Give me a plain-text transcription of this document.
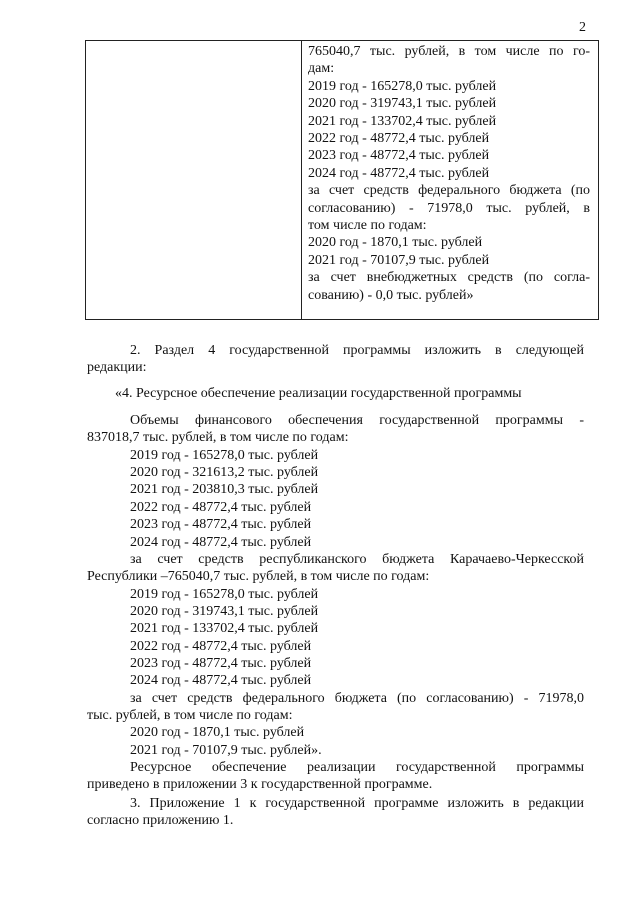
2
765040,7 тыс. рублей, в том числе по го-
дам:
2019 год - 165278,0 тыс. рублей
2020 год - 319743,1 тыс. рублей
2021 год - 133702,4 тыс. рублей
2022 год - 48772,4 тыс. рублей
2023 год - 48772,4 тыс. рублей
2024 год - 48772,4 тыс. рублей
за счет средств федерального бюджета (по
согласованию) - 71978,0 тыс. рублей, в
том числе по годам:
2020 год - 1870,1 тыс. рублей
2021 год - 70107,9 тыс. рублей
за счет внебюджетных средств (по согла-
сованию) - 0,0 тыс. рублей»
2. Раздел 4 государственной программы изложить в следующей
редакции:
«4. Ресурсное обеспечение реализации государственной программы
Объемы финансового обеспечения государственной программы -
837018,7 тыс. рублей, в том числе по годам:
2019 год - 165278,0 тыс. рублей
2020 год - 321613,2 тыс. рублей
2021 год - 203810,3 тыс. рублей
2022 год - 48772,4 тыс. рублей
2023 год - 48772,4 тыс. рублей
2024 год - 48772,4 тыс. рублей
за счет средств республиканского бюджета Карачаево-Черкесской
Республики –765040,7 тыс. рублей, в том числе по годам:
2019 год - 165278,0 тыс. рублей
2020 год - 319743,1 тыс. рублей
2021 год - 133702,4 тыс. рублей
2022 год - 48772,4 тыс. рублей
2023 год - 48772,4 тыс. рублей
2024 год - 48772,4 тыс. рублей
за счет средств федерального бюджета (по согласованию) - 71978,0
тыс. рублей, в том числе по годам:
2020 год - 1870,1 тыс. рублей
2021 год - 70107,9 тыс. рублей».
Ресурсное обеспечение реализации государственной программы
приведено в приложении 3 к государственной программе.
3. Приложение 1 к государственной программе изложить в редакции
согласно приложению 1.
